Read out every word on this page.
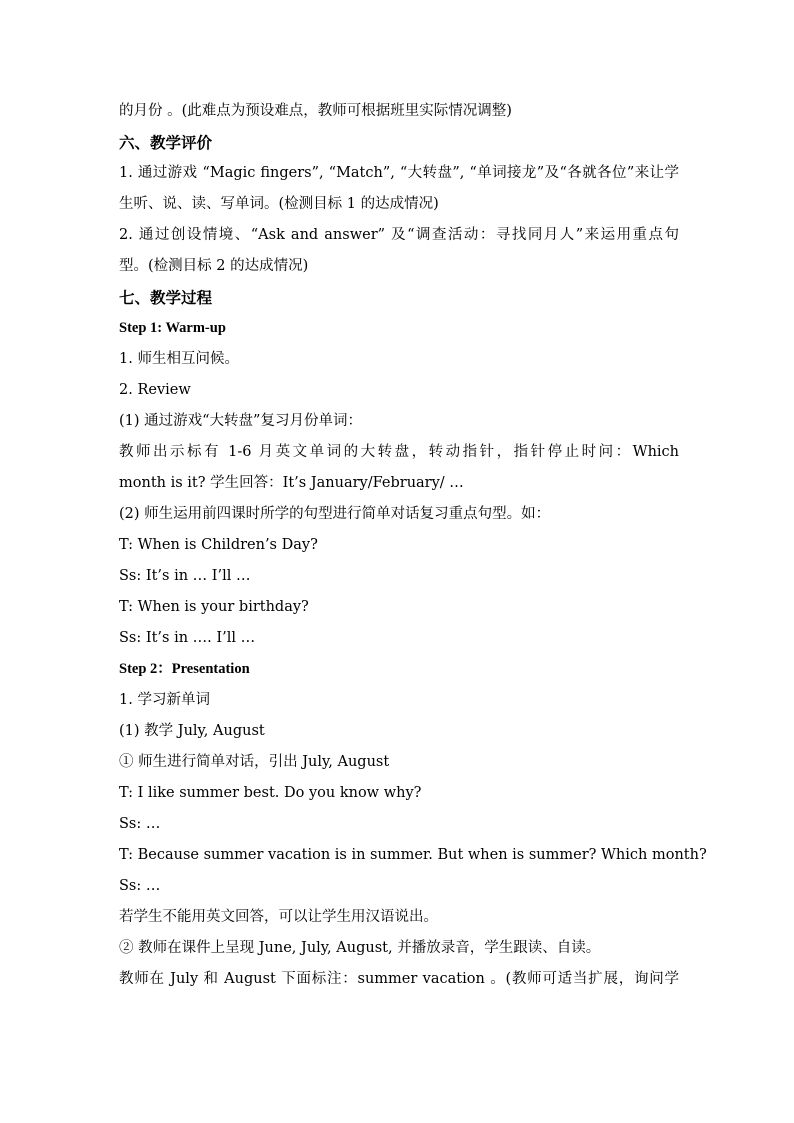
的月份 。(此难点为预设难点，教师可根据班里实际情况调整)
六、教学评价
1. 通过游戏 “Magic fingers”, “Match”, “大转盘”, “单词接龙”及“各就各位”来让学
生听、说、读、写单词。(检测目标 1 的达成情况)
2. 通过创设情境、“Ask and answer” 及“调查活动：寻找同月人”来运用重点句
型。(检测目标 2 的达成情况)
七、教学过程
Step 1: Warm-up
1. 师生相互问候。
2. Review
(1) 通过游戏“大转盘”复习月份单词：
教师出示标有 1-6 月英文单词的大转盘，转动指针，指针停止时问：Which
month is it? 学生回答：It’s January/February/ …
(2) 师生运用前四课时所学的句型进行简单对话复习重点句型。如：
T: When is Children’s Day?
Ss: It’s in … I’ll …
T: When is your birthday?
Ss: It’s in …. I’ll …
Step 2：Presentation
1. 学习新单词
(1) 教学 July, August
① 师生进行简单对话，引出 July, August
T: I like summer best. Do you know why?
Ss: …
T: Because summer vacation is in summer. But when is summer? Which month?
Ss: …
若学生不能用英文回答，可以让学生用汉语说出。
② 教师在课件上呈现 June, July, August, 并播放录音，学生跟读、自读。
教师在 July 和 August 下面标注：summer vacation 。(教师可适当扩展，询问学
